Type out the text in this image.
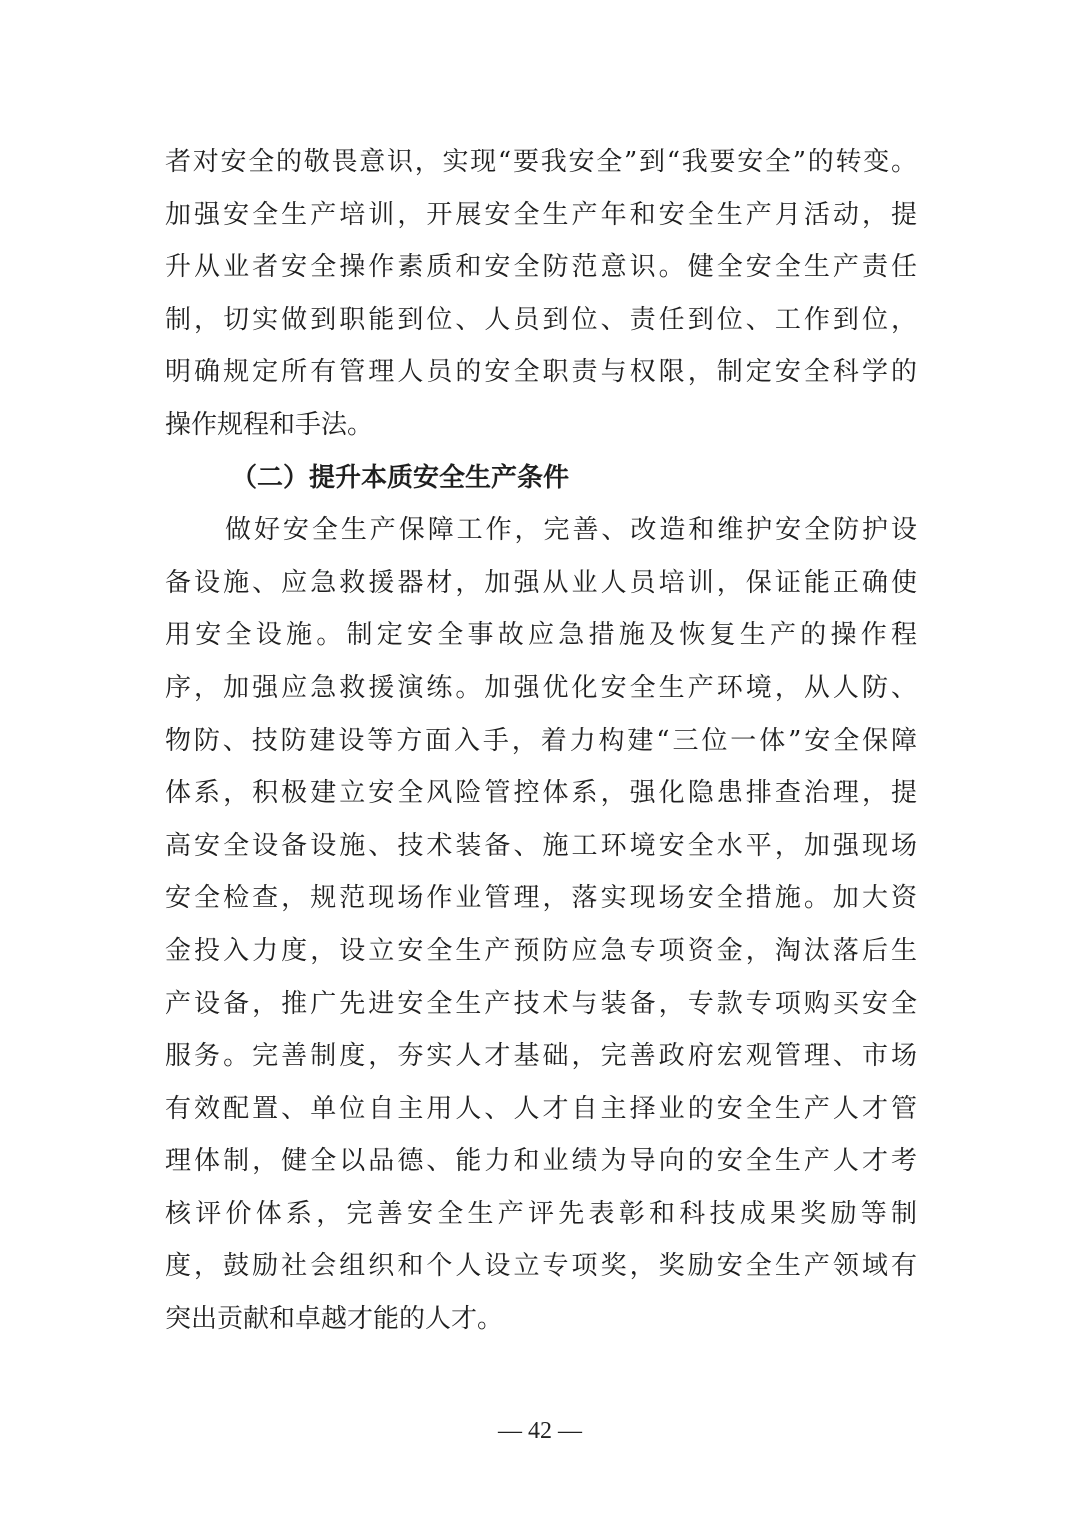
者对安全的敬畏意识，实现“要我安全”到“我要安全”的转变。
加强安全生产培训，开展安全生产年和安全生产月活动，提
升从业者安全操作素质和安全防范意识。健全安全生产责任
制，切实做到职能到位、人员到位、责任到位、工作到位，
明确规定所有管理人员的安全职责与权限，制定安全科学的
操作规程和手法。
（二）提升本质安全生产条件
做好安全生产保障工作，完善、改造和维护安全防护设
备设施、应急救援器材，加强从业人员培训，保证能正确使
用安全设施。制定安全事故应急措施及恢复生产的操作程
序，加强应急救援演练。加强优化安全生产环境，从人防、
物防、技防建设等方面入手，着力构建“三位一体”安全保障
体系，积极建立安全风险管控体系，强化隐患排查治理，提
高安全设备设施、技术装备、施工环境安全水平，加强现场
安全检查，规范现场作业管理，落实现场安全措施。加大资
金投入力度，设立安全生产预防应急专项资金，淘汰落后生
产设备，推广先进安全生产技术与装备，专款专项购买安全
服务。完善制度，夯实人才基础，完善政府宏观管理、市场
有效配置、单位自主用人、人才自主择业的安全生产人才管
理体制，健全以品德、能力和业绩为导向的安全生产人才考
核评价体系，完善安全生产评先表彰和科技成果奖励等制
度，鼓励社会组织和个人设立专项奖，奖励安全生产领域有
突出贡献和卓越才能的人才。
— 42 —
